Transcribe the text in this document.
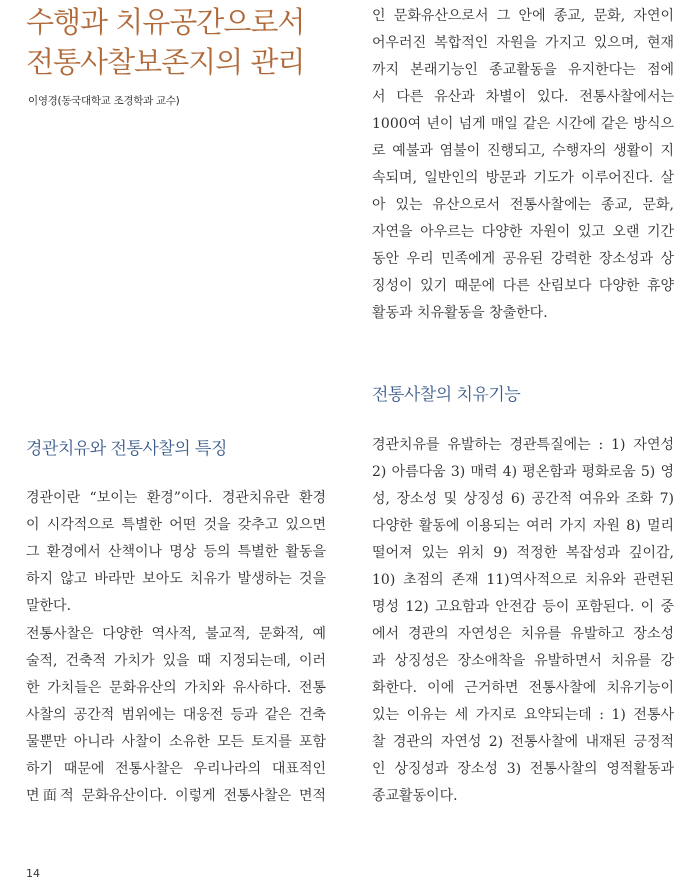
수행과 치유공간으로서
전통사찰보존지의 관리

이영경(동국대학교 조경학과 교수)

경관치유와 전통사찰의 특징
경관이란 “보이는 환경”이다. 경관치유란 환경
이 시각적으로 특별한 어떤 것을 갖추고 있으면
그 환경에서 산책이나 명상 등의 특별한 활동을
하지 않고 바라만 보아도 치유가 발생하는 것을
말한다.
전통사찰은 다양한 역사적, 불교적, 문화적, 예
술적, 건축적 가치가 있을 때 지정되는데, 이러
한 가치들은 문화유산의 가치와 유사하다. 전통
사찰의 공간적 범위에는 대웅전 등과 같은 건축
물뿐만 아니라 사찰이 소유한 모든 토지를 포함
하기 때문에 전통사찰은 우리나라의 대표적인
면面적 문화유산이다. 이렇게 전통사찰은 면적
인 문화유산으로서 그 안에 종교, 문화, 자연이
어우러진 복합적인 자원을 가지고 있으며, 현재
까지 본래기능인 종교활동을 유지한다는 점에
서 다른 유산과 차별이 있다. 전통사찰에서는
1000여 년이 넘게 매일 같은 시간에 같은 방식으
로 예불과 염불이 진행되고, 수행자의 생활이 지
속되며, 일반인의 방문과 기도가 이루어진다. 살
아 있는 유산으로서 전통사찰에는 종교, 문화,
자연을 아우르는 다양한 자원이 있고 오랜 기간
동안 우리 민족에게 공유된 강력한 장소성과 상
징성이 있기 때문에 다른 산림보다 다양한 휴양
활동과 치유활동을 창출한다.
전통사찰의 치유기능
경관치유를 유발하는 경관특질에는 : 1) 자연성
2) 아름다움 3) 매력 4) 평온함과 평화로움 5) 영
성, 장소성 및 상징성 6) 공간적 여유와 조화 7)
다양한 활동에 이용되는 여러 가지 자원 8) 멀리
떨어져 있는 위치 9) 적정한 복잡성과 깊이감,
10) 초점의 존재 11)역사적으로 치유와 관련된
명성 12) 고요함과 안전감 등이 포함된다. 이 중
에서 경관의 자연성은 치유를 유발하고 장소성
과 상징성은 장소애착을 유발하면서 치유를 강
화한다. 이에 근거하면 전통사찰에 치유기능이
있는 이유는 세 가지로 요약되는데 : 1) 전통사
찰 경관의 자연성 2) 전통사찰에 내재된 긍정적
인 상징성과 장소성 3) 전통사찰의 영적활동과
종교활동이다.

14
